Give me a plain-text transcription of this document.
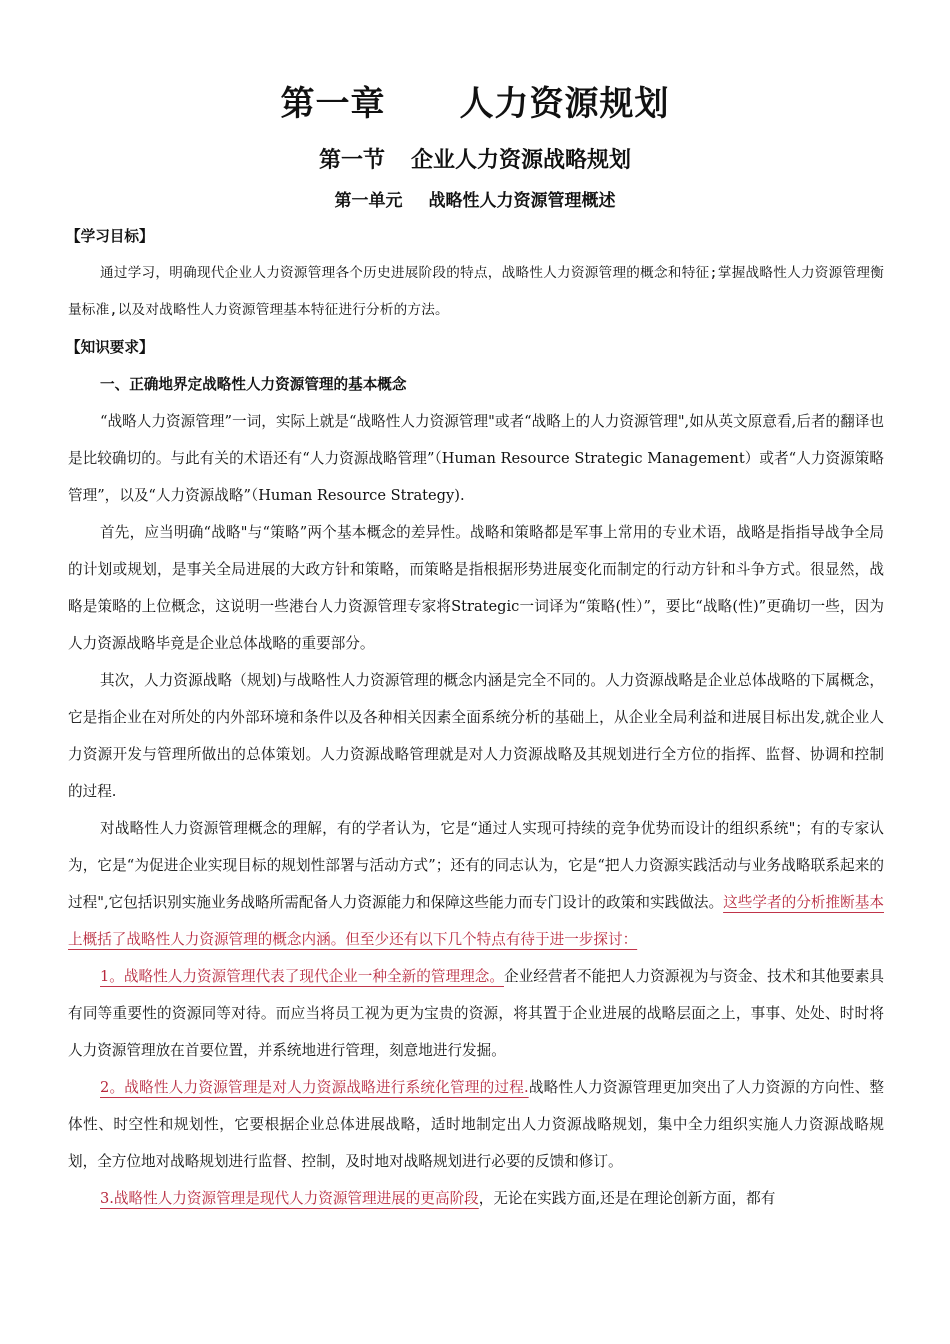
第一章 人力资源规划
第一节 企业人力资源战略规划
第一单元 战略性人力资源管理概述

【学习目标】

通过学习，明确现代企业人力资源管理各个历史进展阶段的特点，战略性人力资源管理的概念和特征;掌握战略性人力资源管理衡量标准,以及对战略性人力资源管理基本特征进行分析的方法。

【知识要求】

一、正确地界定战略性人力资源管理的基本概念

“战略人力资源管理”一词，实际上就是“战略性人力资源管理"或者“战略上的人力资源管理",如从英文原意看,后者的翻译也是比较确切的。与此有关的术语还有“人力资源战略管理”（Human Resource Strategic Management）或者“人力资源策略管理”，以及“人力资源战略”（Human Resource Strategy).

首先，应当明确“战略"与“策略”两个基本概念的差异性。战略和策略都是军事上常用的专业术语，战略是指指导战争全局的计划或规划，是事关全局进展的大政方针和策略，而策略是指根据形势进展变化而制定的行动方针和斗争方式。很显然，战略是策略的上位概念，这说明一些港台人力资源管理专家将Strategic一词译为“策略(性）”，要比“战略(性)”更确切一些，因为人力资源战略毕竟是企业总体战略的重要部分。

其次，人力资源战略（规划)与战略性人力资源管理的概念内涵是完全不同的。人力资源战略是企业总体战略的下属概念，它是指企业在对所处的内外部环境和条件以及各种相关因素全面系统分析的基础上，从企业全局利益和进展目标出发,就企业人力资源开发与管理所做出的总体策划。人力资源战略管理就是对人力资源战略及其规划进行全方位的指挥、监督、协调和控制的过程.

对战略性人力资源管理概念的理解，有的学者认为，它是“通过人实现可持续的竞争优势而设计的组织系统"；有的专家认为，它是“为促进企业实现目标的规划性部署与活动方式”；还有的同志认为，它是“把人力资源实践活动与业务战略联系起来的过程",它包括识别实施业务战略所需配备人力资源能力和保障这些能力而专门设计的政策和实践做法。这些学者的分析推断基本上概括了战略性人力资源管理的概念内涵。但至少还有以下几个特点有待于进一步探讨：

1。战略性人力资源管理代表了现代企业一种全新的管理理念。企业经营者不能把人力资源视为与资金、技术和其他要素具有同等重要性的资源同等对待。而应当将员工视为更为宝贵的资源，将其置于企业进展的战略层面之上，事事、处处、时时将人力资源管理放在首要位置，并系统地进行管理，刻意地进行发掘。

2。战略性人力资源管理是对人力资源战略进行系统化管理的过程.战略性人力资源管理更加突出了人力资源的方向性、整体性、时空性和规划性，它要根据企业总体进展战略，适时地制定出人力资源战略规划，集中全力组织实施人力资源战略规划，全方位地对战略规划进行监督、控制，及时地对战略规划进行必要的反馈和修订。

3.战略性人力资源管理是现代人力资源管理进展的更高阶段，无论在实践方面,还是在理论创新方面，都有
